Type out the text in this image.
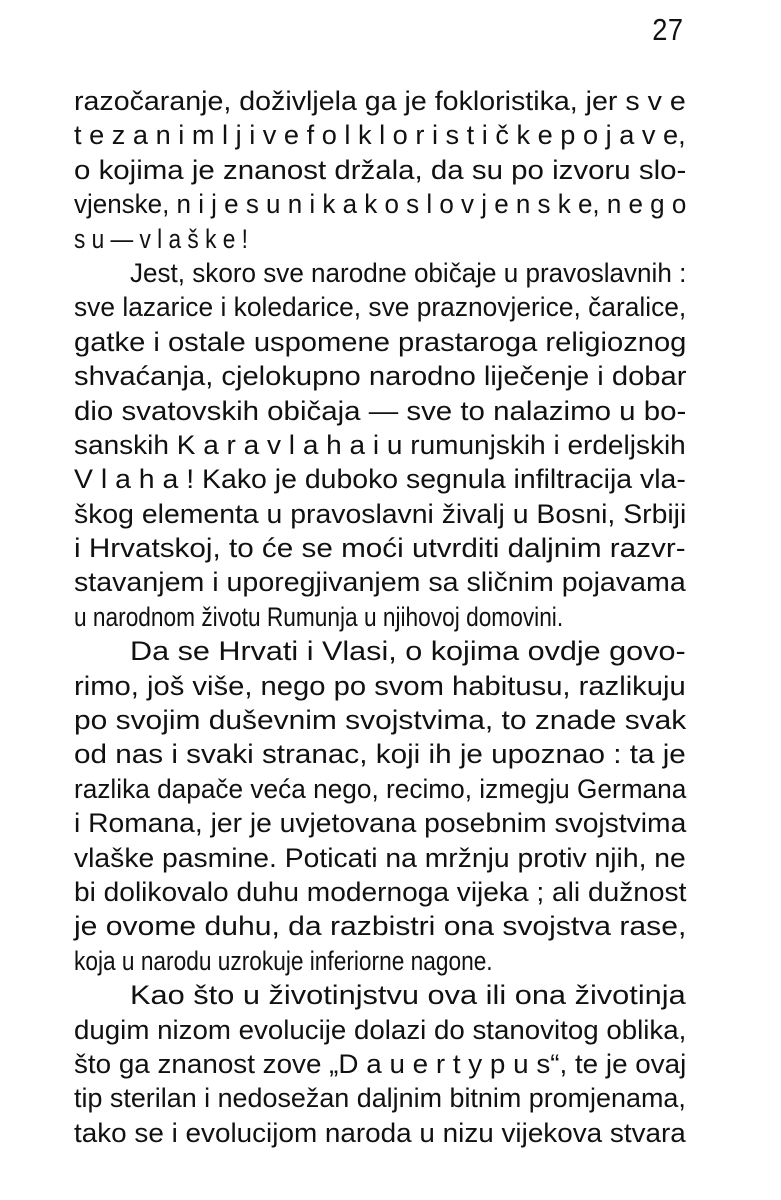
27
razočaranje, doživljela ga je fokloristika, jer s v e
t e z a n i m l j i v e f o l k l o r i s t i č k e p o j a v e,
o kojima je znanost držala, da su po izvoru slo-
vjenske, n i j e s u n i k a k o s l o v j e n s k e, n e g o
s u — v l a š k e !
Jest, skoro sve narodne običaje u pravoslavnih :
sve lazarice i koledarice, sve praznovjerice, čaralice,
gatke i ostale uspomene prastaroga religioznog
shvaćanja, cjelokupno narodno liječenje i dobar
dio svatovskih običaja — sve to nalazimo u bo-
sanskih K a r a v l a h a i u rumunjskih i erdeljskih
V l a h a ! Kako je duboko segnula infiltracija vla-
škog elementa u pravoslavni živalj u Bosni, Srbiji
i Hrvatskoj, to će se moći utvrditi daljnim razvr-
stavanjem i uporegjivanjem sa sličnim pojavama
u narodnom životu Rumunja u njihovoj domovini.
Da se Hrvati i Vlasi, o kojima ovdje govo-
rimo, još više, nego po svom habitusu, razlikuju
po svojim duševnim svojstvima, to znade svak
od nas i svaki stranac, koji ih je upoznao : ta je
razlika dapače veća nego, recimo, izmegju Germana
i Romana, jer je uvjetovana posebnim svojstvima
vlaške pasmine. Poticati na mržnju protiv njih, ne
bi dolikovalo duhu modernoga vijeka ; ali dužnost
je ovome duhu, da razbistri ona svojstva rase,
koja u narodu uzrokuje inferiorne nagone.
Kao što u životinjstvu ova ili ona životinja
dugim nizom evolucije dolazi do stanovitog oblika,
što ga znanost zove „D a u e r t y p u s“, te je ovaj
tip sterilan i nedosežan daljnim bitnim promjenama,
tako se i evolucijom naroda u nizu vijekova stvara
